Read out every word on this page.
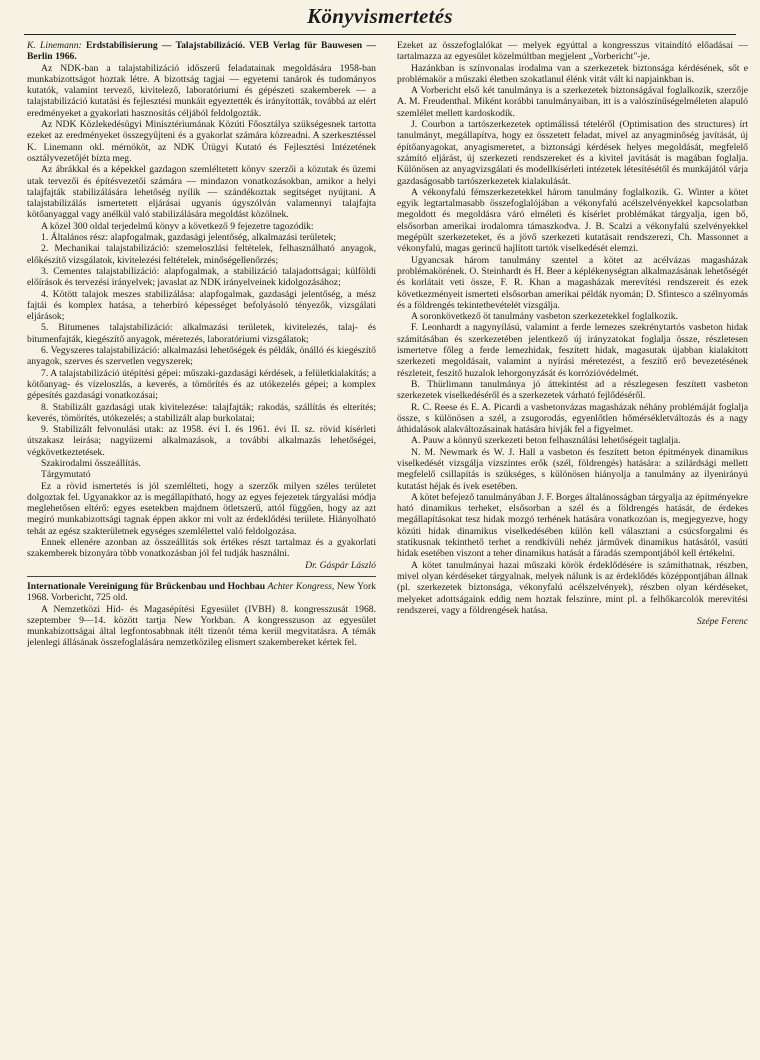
Könyvismertetés

K. Linemann: Erdstabilisierung — Talajstabilizáció. VEB Verlag für Bauwesen — Berlin 1966.

Az NDK-ban a talajstabilizáció időszerű feladatainak megoldására 1958-ban munkabizottságot hoztak létre. A bizottság tagjai — egyetemi tanárok és tudományos kutatók, valamint tervező, kivitelező, laboratóriumi és gépészeti szakemberek — a talajstabilizáció kutatási és fejlesztési munkáit egyeztették és irányították, továbbá az elért eredményeket a gyakorlati hasznosítás céljából feldolgozták.

Az NDK Közlekedésügyi Minisztériumának Közúti Főosztálya szükségesnek tartotta ezeket az eredményeket összegyűjteni és a gyakorlat számára közreadni. A szerkesztéssel K. Linemann okl. mérnököt, az NDK Útügyi Kutató és Fejlesztési Intézetének osztályvezetőjét bízta meg.

Az ábrákkal és a képekkel gazdagon szemléltetett könyv szerzői a közutak és üzemi utak tervezői és építésvezetői számára — mindazon vonatkozásokban, amikor a helyi talajfajták stabilizálására lehetőség nyílik — szándékoztak segítséget nyújtani. A talajstabilizálás ismertetett eljárásai ugyanis úgyszólván valamennyi talajfajta kötőanyaggal vagy anélkül való stabilizálására megoldást közölnek.

A közel 300 oldal terjedelmű könyv a következő 9 fejezetre tagozódik:

1. Általános rész: alapfogalmak, gazdasági jelentőség, alkalmazási területek;

2. Mechanikai talajstabilizáció: szemeloszlási feltételek, felhasználható anyagok, előkészítő vizsgálatok, kivitelezési feltételek, minőségellenőrzés;

3. Cementes talajstabilizáció: alapfogalmak, a stabilizáció talajadottságai; külföldi előírások és tervezési irányelvek; javaslat az NDK irányelveinek kidolgozásához;

4. Kötött talajok meszes stabilizálása: alapfogalmak, gazdasági jelentőség, a mész fajtái és komplex hatása, a teherbíró képességet befolyásoló tényezők, vizsgálati eljárások;

5. Bitumenes talajstabilizáció: alkalmazási területek, kivitelezés, talaj- és bitumenfajták, kiegészítő anyagok, méretezés, laboratóriumi vizsgálatok;

6. Vegyszeres talajstabilizáció: alkalmazási lehetőségek és példák, önálló és kiegészítő anyagok, szerves és szervetlen vegyszerek;

7. A talajstabilizáció útépítési gépei: műszaki-gazdasági kérdések, a felületkialakítás; a kötőanyag- és vízeloszlás, a keverés, a tömörítés és az utókezelés gépei; a komplex gépesítés gazdasági vonatkozásai;

8. Stabilizált gazdasági utak kivitelezése: talajfajták; rakodás, szállítás és elterítés; keverés, tömörítés, utókezelés; a stabilizált alap burkolatai;

9. Stabilizált felvonulási utak: az 1958. évi I. és 1961. évi II. sz. rövid kísérleti útszakasz leírása; nagyüzemi alkalmazások, a további alkalmazás lehetőségei, végkövetkeztetések.

Szakirodalmi összeállítás.

Tárgymutató

Ez a rövid ismertetés is jól szemlélteti, hogy a szerzők milyen széles területet dolgoztak fel. Ugyanakkor az is megállapítható, hogy az egyes fejezetek tárgyalási módja meglehetősen eltérő: egyes esetekben majdnem ötletszerű, attól függően, hogy az azt megíró munkabizottsági tagnak éppen akkor mi volt az érdeklődési területe. Hiányolható tehát az egész szakterületnek egységes szemlélettel való feldolgozása.

Ennek ellenére azonban az összeállítás sok értékes részt tartalmaz és a gyakorlati szakemberek bizonyára több vonatkozásban jól fel tudják használni.

Dr. Gáspár László

Internationale Vereinigung für Brückenbau und Hochbau Achter Kongress, New York 1968. Vorbericht, 725 old.

A Nemzetközi Híd- és Magasépítési Egyesület (IVBH) 8. kongresszusát 1968. szeptember 9—14. között tartja New Yorkban. A kongresszuson az egyesület munkabizottságai által legfontosabbnak ítélt tizenöt téma kerül megvitatásra. A témák jelenlegi állásának összefoglalására nemzetközileg elismert szakembereket kértek fel.

Ezeket az összefoglalókat — melyek egyúttal a kongresszus vitaindító előadásai — tartalmazza az egyesület közelmúltban megjelent „Vorbericht"-je.

Hazánkban is színvonalas irodalma van a szerkezetek biztonsága kérdésének, sőt e problémakör a műszaki életben szokatlanul élénk vitát vált ki napjainkban is.

A Vorbericht első két tanulmánya is a szerkezetek biztonságával foglalkozik, szerzője A. M. Freudenthal. Miként korábbi tanulmányaiban, itt is a valószínűségelméleten alapuló szemlélet mellett kardoskodik.

J. Courbon a tartószerkezetek optimálissá tételéről (Optimisation des structures) írt tanulmányt, megállapítva, hogy ez összetett feladat, mivel az anyagminőség javítását, új építőanyagokat, anyagismeretet, a biztonsági kérdések helyes megoldását, megfelelő számító eljárást, új szerkezeti rendszereket és a kivitel javítását is magában foglalja. Különösen az anyagvizsgálati és modellkísérleti intézetek létesítésétől és munkájától várja gazdaságosabb tartószerkezetek kialakulását.

A vékonyfalú fémszerkezetekkel három tanulmány foglalkozik. G. Winter a kötet egyik legtartalmasabb összefoglalójában a vékonyfalú acélszelvényekkel kapcsolatban megoldott és megoldásra váró elméleti és kísérlet problémákat tárgyalja, igen bő, elsősorban amerikai irodalomra támaszkodva. J. B. Scalzi a vékonyfalú szelvényekkel megépült szerkezeteket, és a jövő szerkezeti kutatásait rendszerezi, Ch. Massonnet a vékonyfalú, magas gerincű hajlított tartók viselkedését elemzi.

Ugyancsak három tanulmány szentel a kötet az acélvázas magasházak problémakörének. O. Steinhardt és H. Beer a képlékenységtan alkalmazásának lehetőségét és korlátait veti össze, F. R. Khan a magasházak merevítési rendszereit és ezek következményeit ismerteti elsősorban amerikai példák nyomán; D. Sfintesco a szélnyomás és a földrengés tekintetbevételét vizsgálja.

A soronkövetkező öt tanulmány vasbeton szerkezetekkel foglalkozik.

F. Leonhardt a nagynyílású, valamint a ferde lemezes szekrénytartós vasbeton hidak számításában és szerkezetében jelentkező új irányzatokat foglalja össze, részletesen ismertetve főleg a ferde lemezhidak, feszített hidak, magasutak újabban kialakított szerkezeti megoldásait, valamint a nyírási méretezést, a feszítő erő bevezetésének részleteit, feszítő huzalok lehorgonyzását és korrózióvédelmét.

B. Thürlimann tanulmánya jó áttekintést ad a részlegesen feszített vasbeton szerkezetek viselkedéséről és a szerkezetek várható fejlődéséről.

R. C. Reese és E. A. Picardi a vasbetonvázas magasházak néhány problémáját foglalja össze, s különösen a szél, a zsugorodás, egyenlőtlen hőmérsékletváltozás és a nagy áthidalások alakváltozásainak hatására hívják fel a figyelmet.

A. Pauw a könnyű szerkezeti beton felhasználási lehetőségeit taglalja.

N. M. Newmark és W. J. Hall a vasbeton és feszített beton építmények dinamikus viselkedését vizsgálja vízszintes erők (szél, földrengés) hatására: a szilárdsági mellett megfelelő csillapítás is szükséges, s különösen hiányolja a tanulmány az ilyenirányú kutatást héjak és ívek esetében.

A kötet befejező tanulmányában J. F. Borges általánosságban tárgyalja az építményekre ható dinamikus terheket, elsősorban a szél és a földrengés hatását, de érdekes megállapításokat tesz hidak mozgó terhének hatására vonatkozóan is, megjegyezve, hogy közúti hidak dinamikus viselkedésében külön kell választani a csúcsforgalmi és statikusnak tekinthető terhet a rendkívüli nehéz járművek dinamikus hatásától, vasúti hidak esetében viszont a teher dinamikus hatását a fáradás szempontjából kell értékelni.

A kötet tanulmányai hazai műszaki körök érdeklődésére is számíthatnak, részben, mivel olyan kérdéseket tárgyalnak, melyek nálunk is az érdeklődés középpontjában állnak (pl. szerkezetek biztonsága, vékonyfalú acélszelvények), részben olyan kérdéseket, melyeket adottságaink eddig nem hoztak felszínre, mint pl. a felhőkarcolók merevítési rendszerei, vagy a földrengések hatása.

Szépe Ferenc
